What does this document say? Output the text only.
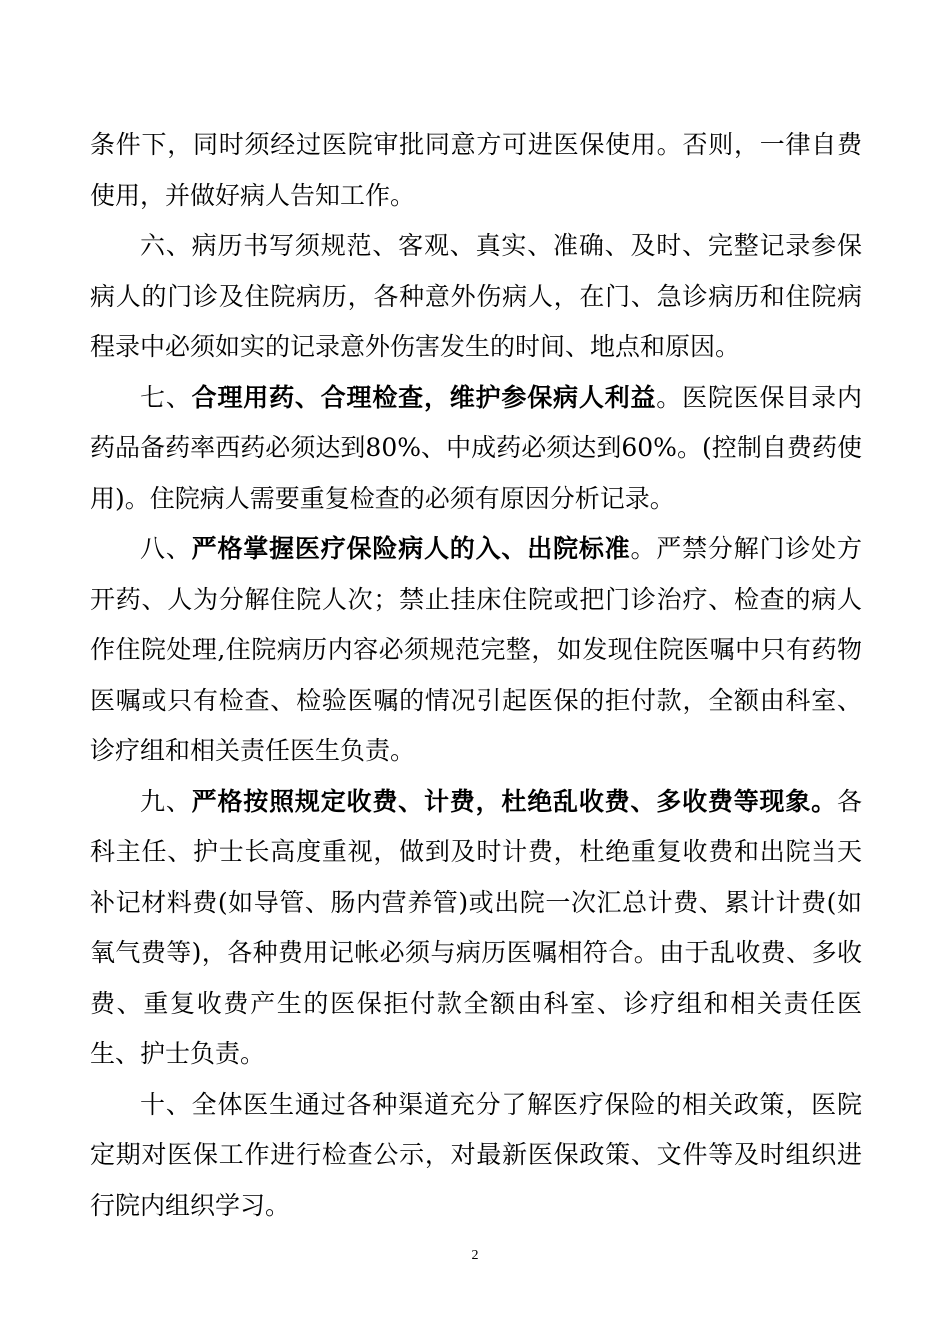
条件下，同时须经过医院审批同意方可进医保使用。否则，一律自费使用，并做好病人告知工作。

六、病历书写须规范、客观、真实、准确、及时、完整记录参保病人的门诊及住院病历，各种意外伤病人，在门、急诊病历和住院病程录中必须如实的记录意外伤害发生的时间、地点和原因。

七、合理用药、合理检查，维护参保病人利益。医院医保目录内药品备药率西药必须达到80%、中成药必须达到60%。(控制自费药使用)。住院病人需要重复检查的必须有原因分析记录。

八、严格掌握医疗保险病人的入、出院标准。严禁分解门诊处方开药、人为分解住院人次；禁止挂床住院或把门诊治疗、检查的病人作住院处理,住院病历内容必须规范完整，如发现住院医嘱中只有药物医嘱或只有检查、检验医嘱的情况引起医保的拒付款，全额由科室、诊疗组和相关责任医生负责。

九、严格按照规定收费、计费，杜绝乱收费、多收费等现象。各科主任、护士长高度重视，做到及时计费，杜绝重复收费和出院当天补记材料费(如导管、肠内营养管)或出院一次汇总计费、累计计费(如氧气费等)，各种费用记帐必须与病历医嘱相符合。由于乱收费、多收费、重复收费产生的医保拒付款全额由科室、诊疗组和相关责任医生、护士负责。

十、全体医生通过各种渠道充分了解医疗保险的相关政策，医院定期对医保工作进行检查公示，对最新医保政策、文件等及时组织进行院内组织学习。

2
